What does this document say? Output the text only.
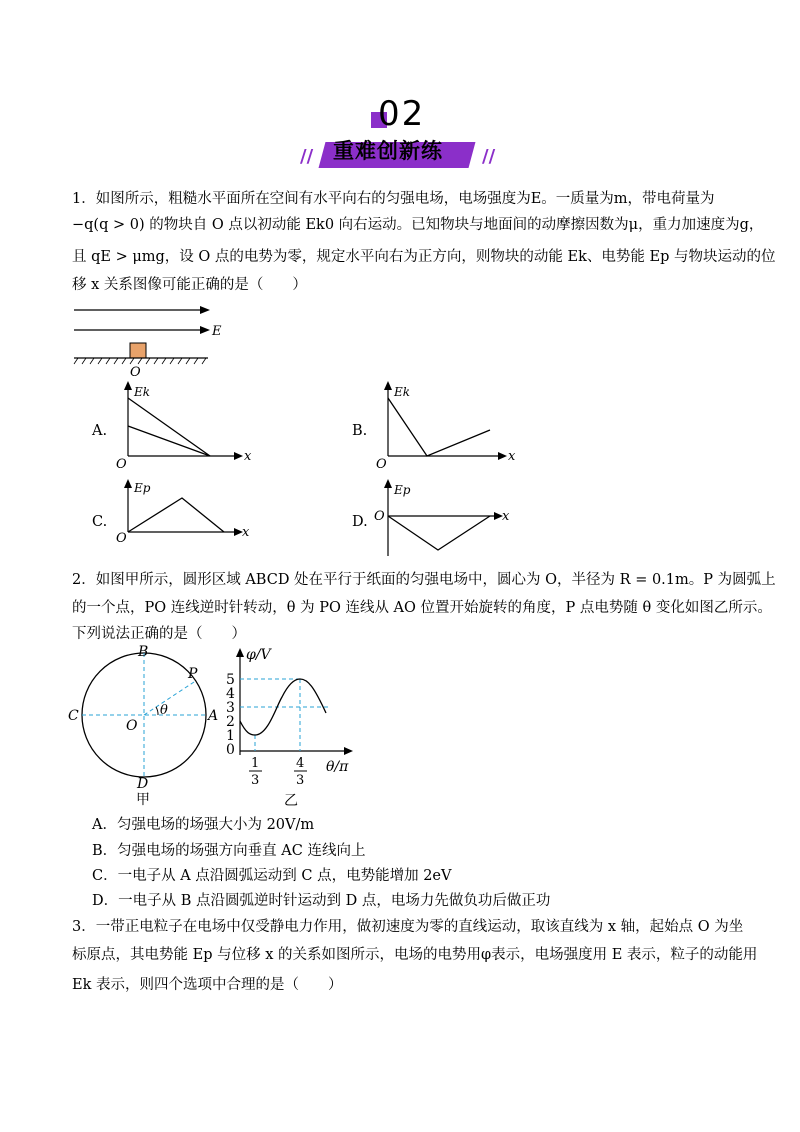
02
//	//
重难创新练
1．如图所示，粗糙水平面所在空间有水平向右的匀强电场，电场强度为E。一质量为m，带电荷量为
−q(q > 0) 的物块自 O 点以初动能 Ek0 向右运动。已知物块与地面间的动摩擦因数为μ，重力加速度为g，
且 qE > μmg，设 O 点的电势为零，规定水平向右为正方向，则物块的动能 Ek、电势能 Ep 与物块运动的位
移 x 关系图像可能正确的是（　　）
E
O
A.
Ek
x
O
B.
Ek
x
O
C.
Ep
x
O
D.
Ep
x
O
2．如图甲所示，圆形区域 ABCD 处在平行于纸面的匀强电场中，圆心为 O，半径为 R = 0.1m。P 为圆弧上
的一个点，PO 连线逆时针转动，θ 为 PO 连线从 AO 位置开始旋转的角度，P 点电势随 θ 变化如图乙所示。
下列说法正确的是（　　）
B
C	A
D
O
P
θ
甲
φ/V
θ/π
5
4
3
2
1
0
1
3
4
3
乙
A．匀强电场的场强大小为 20V/m
B．匀强电场的场强方向垂直 AC 连线向上
C．一电子从 A 点沿圆弧运动到 C 点，电势能增加 2eV
D．一电子从 B 点沿圆弧逆时针运动到 D 点，电场力先做负功后做正功
3．一带正电粒子在电场中仅受静电力作用，做初速度为零的直线运动，取该直线为 x 轴，起始点 O 为坐
标原点，其电势能 Ep 与位移 x 的关系如图所示，电场的电势用φ表示，电场强度用 E 表示，粒子的动能用
Ek 表示，则四个选项中合理的是（　　）
